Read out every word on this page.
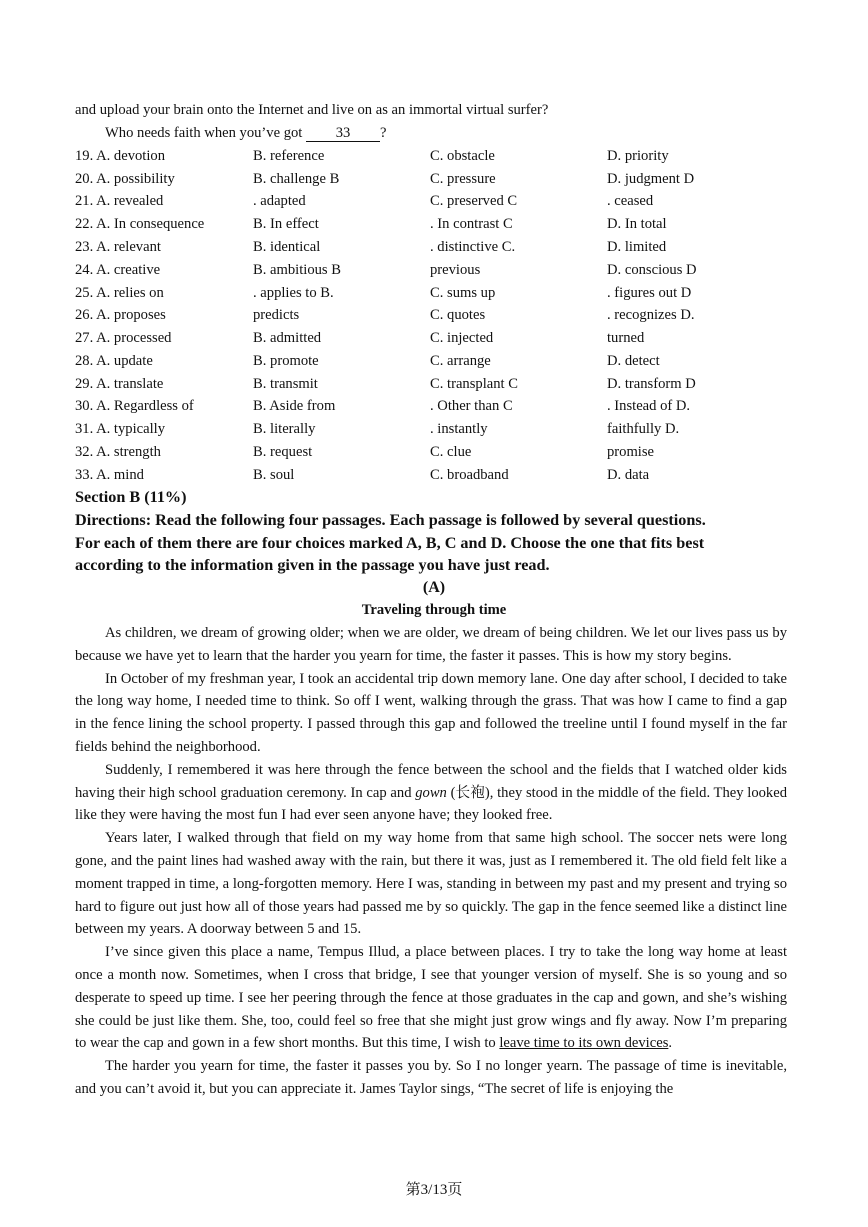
and upload your brain onto the Internet and live on as an immortal virtual surfer?
Who needs faith when you’ve got 33 ?
19. A. devotion	B. reference	C. obstacle	D. priority
20. A. possibility	B. challenge B	C. pressure	D. judgment D
21. A. revealed	. adapted	C. preserved C	. ceased
22. A. In consequence	B. In effect	. In contrast C	D. In total
23. A. relevant	B. identical	. distinctive C.	D. limited
24. A. creative	B. ambitious B	previous	D. conscious D
25. A. relies on	. applies to B.	C. sums up	. figures out D
26. A. proposes	predicts	C. quotes	. recognizes D.
27. A. processed	B. admitted	C. injected	turned
28. A. update	B. promote	C. arrange	D. detect
29. A. translate	B. transmit	C. transplant C	D. transform D
30. A. Regardless of	B. Aside from	. Other than C	. Instead of D.
31. A. typically	B. literally	. instantly	faithfully D.
32. A. strength	B. request	C. clue	promise
33. A. mind	B. soul	C. broadband	D. data
Section B (11%)
Directions: Read the following four passages. Each passage is followed by several questions.
For each of them there are four choices marked A, B, C and D. Choose the one that fits best
according to the information given in the passage you have just read.
(A)
Traveling through time

As children, we dream of growing older; when we are older, we dream of being children. We let our lives pass us by because we have yet to learn that the harder you yearn for time, the faster it passes. This is how my story begins.

In October of my freshman year, I took an accidental trip down memory lane. One day after school, I decided to take the long way home, I needed time to think. So off I went, walking through the grass. That was how I came to find a gap in the fence lining the school property. I passed through this gap and followed the treeline until I found myself in the far fields behind the neighborhood.

Suddenly, I remembered it was here through the fence between the school and the fields that I watched older kids having their high school graduation ceremony. In cap and gown (长袍), they stood in the middle of the field. They looked like they were having the most fun I had ever seen anyone have; they looked free.

Years later, I walked through that field on my way home from that same high school. The soccer nets were long gone, and the paint lines had washed away with the rain, but there it was, just as I remembered it. The old field felt like a moment trapped in time, a long-forgotten memory. Here I was, standing in between my past and my present and trying so hard to figure out just how all of those years had passed me by so quickly. The gap in the fence seemed like a distinct line between my years. A doorway between 5 and 15.

I’ve since given this place a name, Tempus Illud, a place between places. I try to take the long way home at least once a month now. Sometimes, when I cross that bridge, I see that younger version of myself. She is so young and so desperate to speed up time. I see her peering through the fence at those graduates in the cap and gown, and she’s wishing she could be just like them. She, too, could feel so free that she might just grow wings and fly away. Now I’m preparing to wear the cap and gown in a few short months. But this time, I wish to leave time to its own devices.

The harder you yearn for time, the faster it passes you by. So I no longer yearn. The passage of time is inevitable, and you can’t avoid it, but you can appreciate it. James Taylor sings, “The secret of life is enjoying the

第3/13页
